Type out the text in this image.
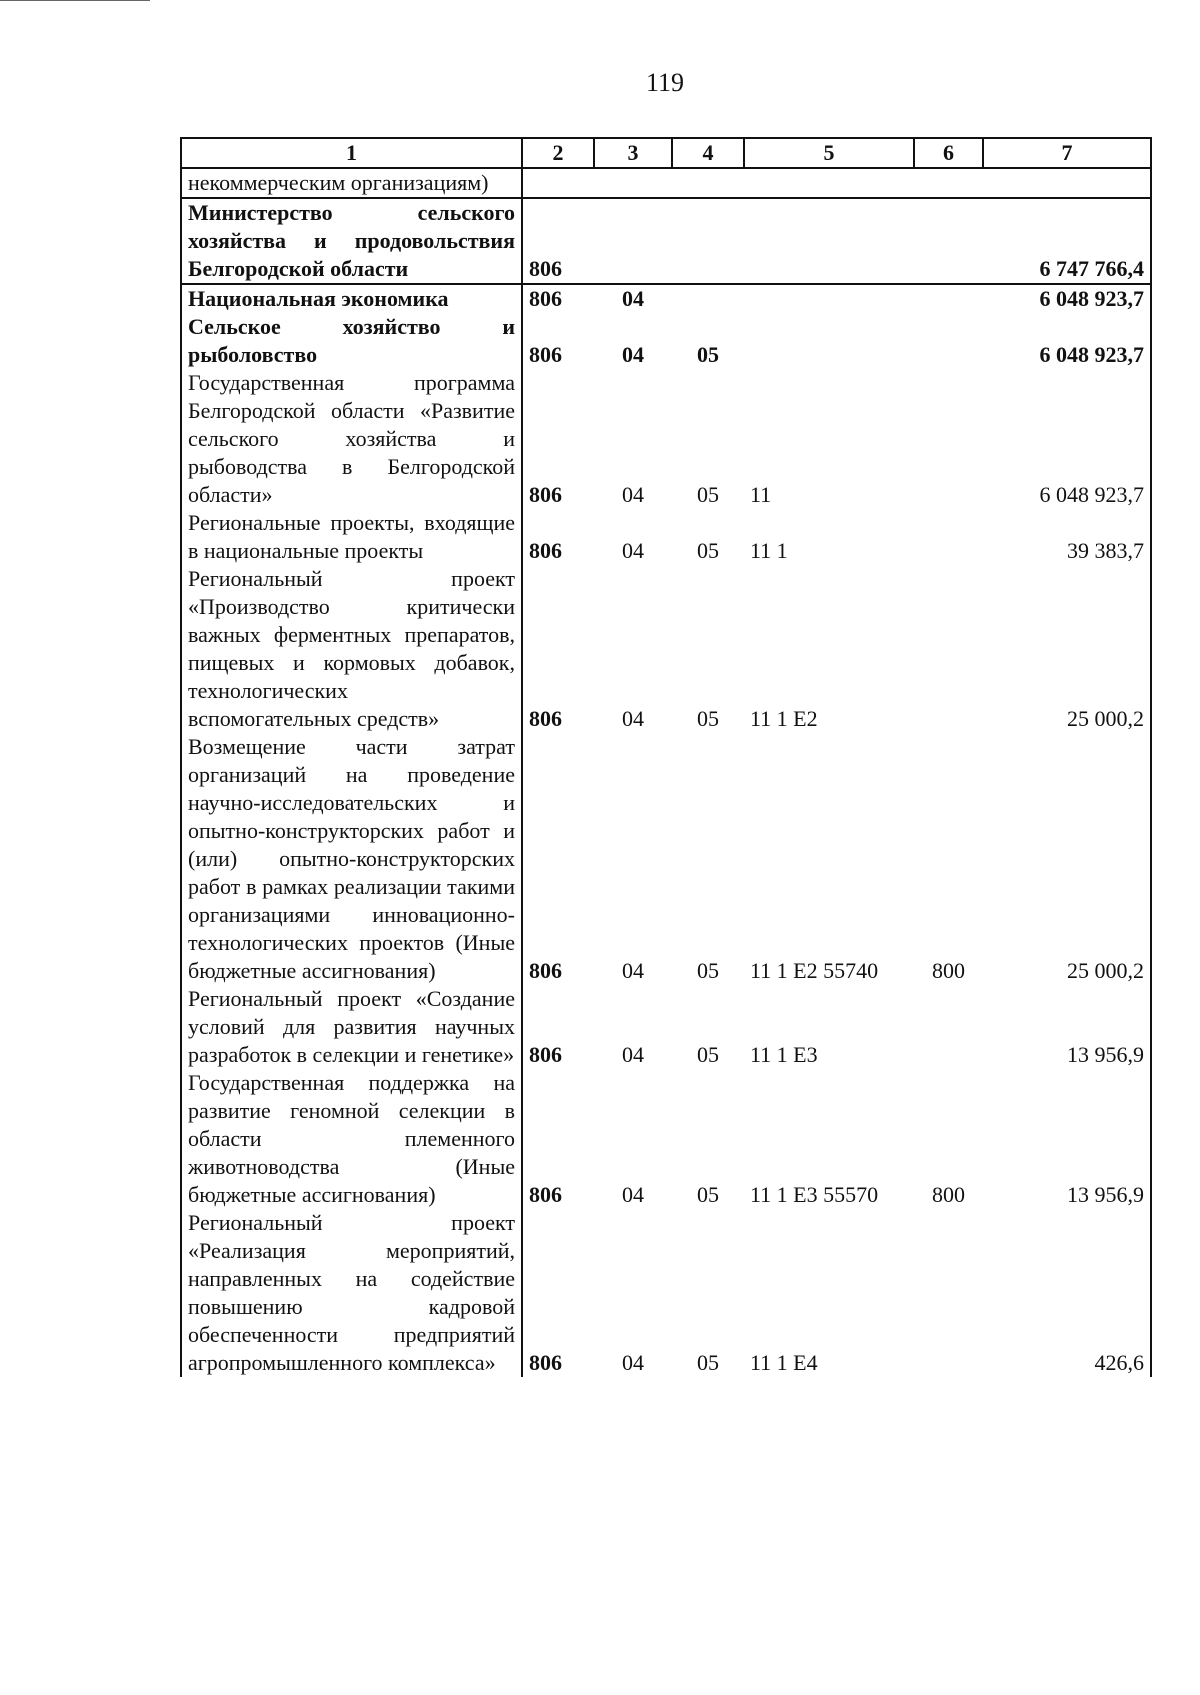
119
1	2	3	4	5	6	7
некоммерческим организациям)						
Министерство сельского хозяйства и продовольствия Белгородской области	806					6 747 766,4
Национальная экономика	806	04				6 048 923,7
Сельское хозяйство и рыболовство	806	04	05			6 048 923,7
Государственная программа Белгородской области «Развитие сельского хозяйства и рыбоводства в Белгородской области»	806	04	05	11		6 048 923,7
Региональные проекты, входящие в национальные проекты	806	04	05	11 1		39 383,7
Региональный проект «Производство критически важных ферментных препаратов, пищевых и кормовых добавок, технологических вспомогательных средств»	806	04	05	11 1 Е2		25 000,2
Возмещение части затрат организаций на проведение научно-исследовательских и опытно-конструкторских работ и (или) опытно-конструкторских работ в рамках реализации такими организациями инновационно-технологических проектов (Иные бюджетные ассигнования)	806	04	05	11 1 Е2 55740	800	25 000,2
Региональный проект «Создание условий для развития научных разработок в селекции и генетике»	806	04	05	11 1 Е3		13 956,9
Государственная поддержка на развитие геномной селекции в области племенного животноводства (Иные бюджетные ассигнования)	806	04	05	11 1 Е3 55570	800	13 956,9
Региональный проект «Реализация мероприятий, направленных на содействие повышению кадровой обеспеченности предприятий агропромышленного комплекса»	806	04	05	11 1 Е4		426,6
